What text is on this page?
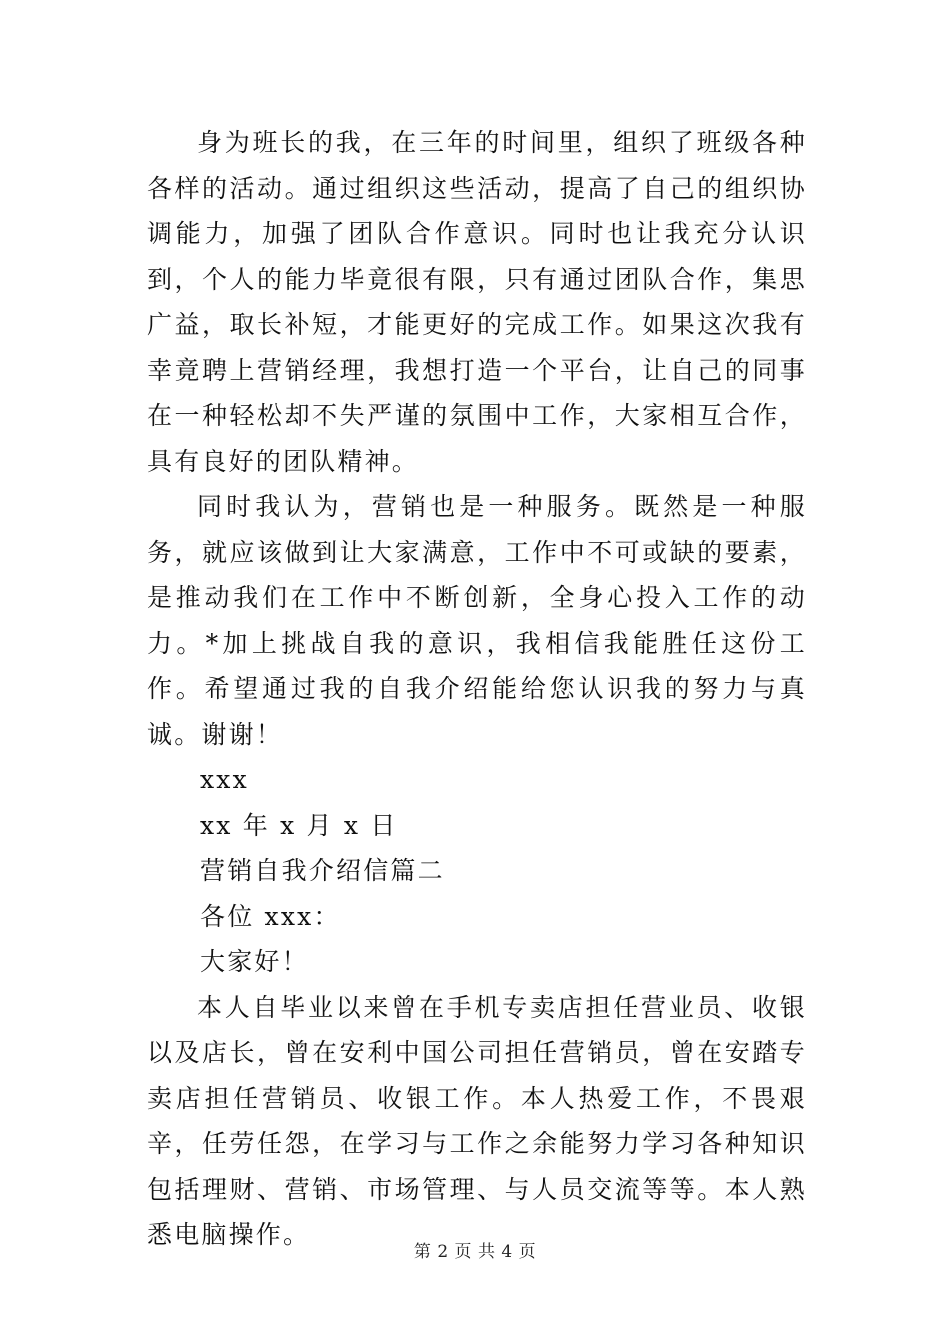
身为班长的我，在三年的时间里，组织了班级各种各样的活动。通过组织这些活动，提高了自己的组织协调能力，加强了团队合作意识。同时也让我充分认识到，个人的能力毕竟很有限，只有通过团队合作，集思广益，取长补短，才能更好的完成工作。如果这次我有幸竟聘上营销经理，我想打造一个平台，让自己的同事在一种轻松却不失严谨的氛围中工作，大家相互合作，具有良好的团队精神。

同时我认为，营销也是一种服务。既然是一种服务，就应该做到让大家满意，工作中不可或缺的要素，是推动我们在工作中不断创新，全身心投入工作的动力。*加上挑战自我的意识，我相信我能胜任这份工作。希望通过我的自我介绍能给您认识我的努力与真诚。谢谢！

xxx

xx 年 x 月 x 日

营销自我介绍信篇二

各位 xxx：

大家好！

本人自毕业以来曾在手机专卖店担任营业员、收银以及店长，曾在安利中国公司担任营销员，曾在安踏专卖店担任营销员、收银工作。本人热爱工作，不畏艰辛，任劳任怨，在学习与工作之余能努力学习各种知识包括理财、营销、市场管理、与人员交流等等。本人熟悉电脑操作。

第 2 页 共 4 页
